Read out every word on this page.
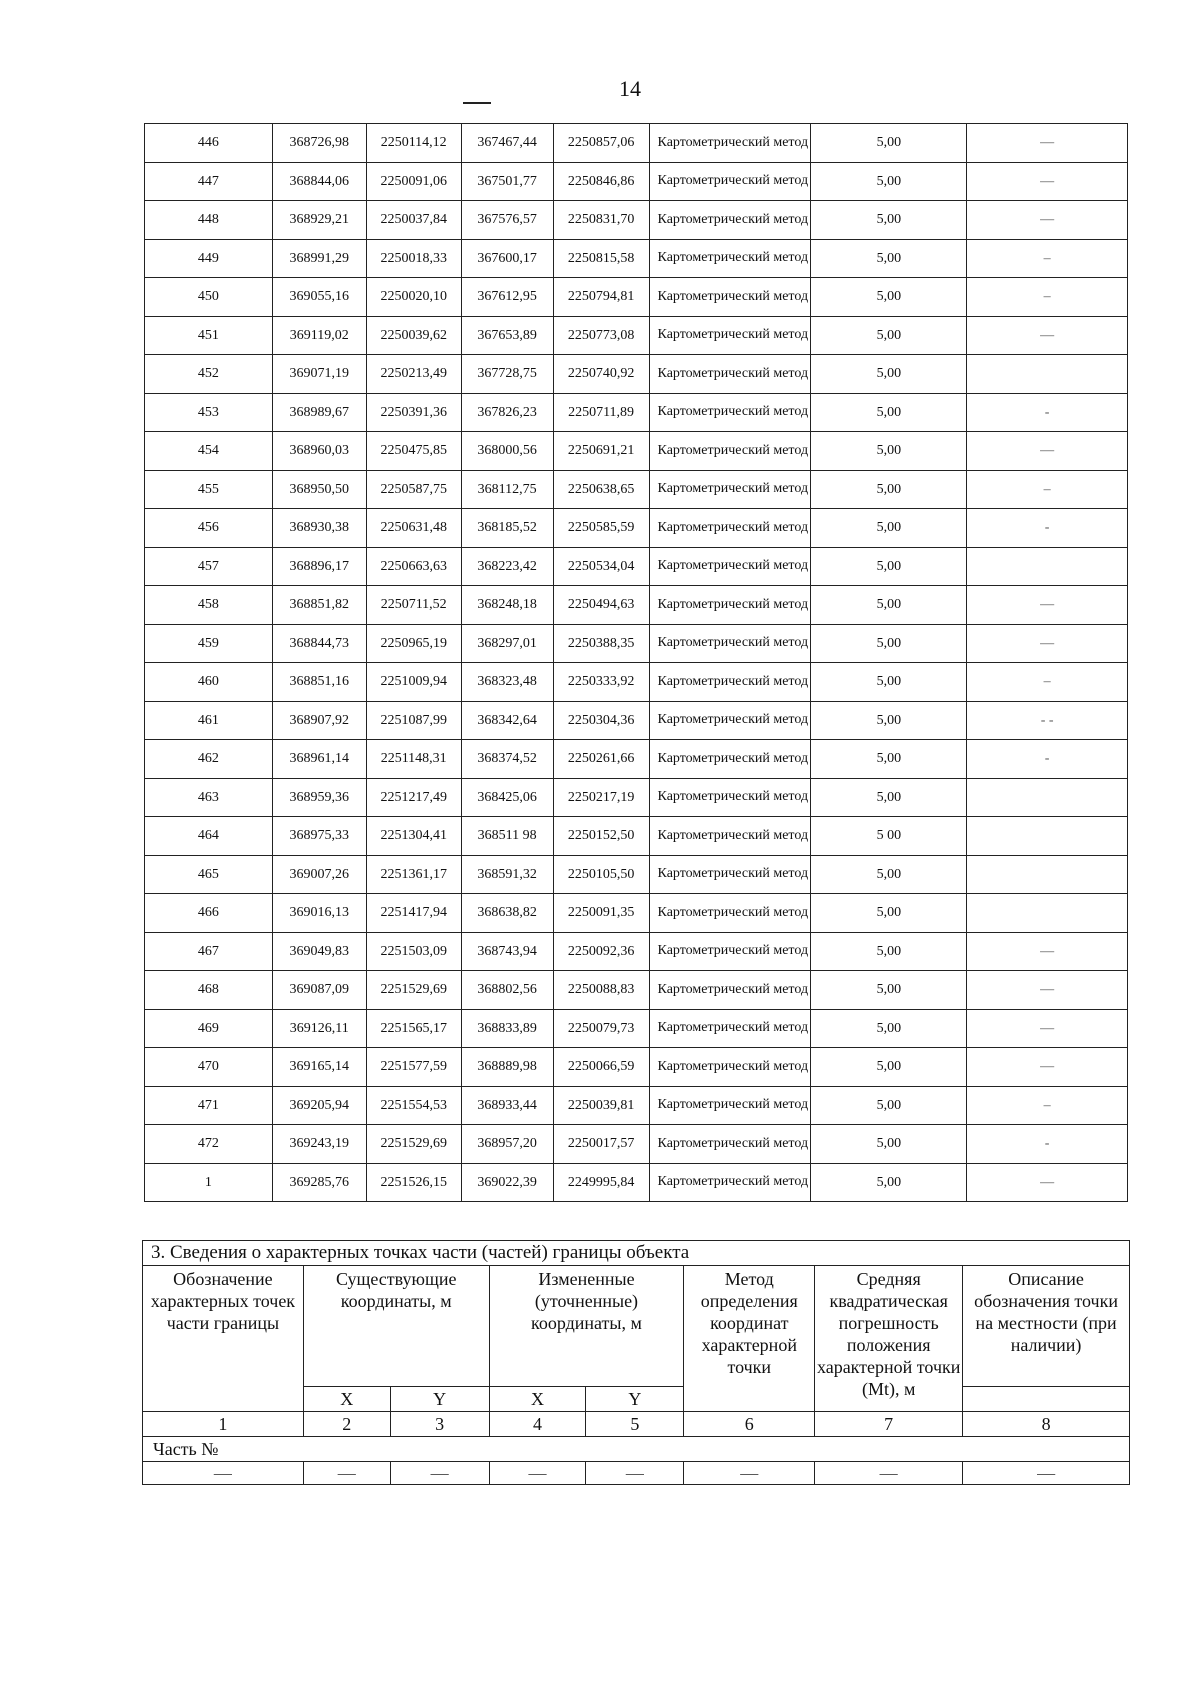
14
446	368726,98	2250114,12	367467,44	2250857,06	Картометрический метод	5,00	—
447	368844,06	2250091,06	367501,77	2250846,86	Картометрический метод	5,00	—
448	368929,21	2250037,84	367576,57	2250831,70	Картометрический метод	5,00	—
449	368991,29	2250018,33	367600,17	2250815,58	Картометрический метод	5,00	–
450	369055,16	2250020,10	367612,95	2250794,81	Картометрический метод	5,00	–
451	369119,02	2250039,62	367653,89	2250773,08	Картометрический метод	5,00	—
452	369071,19	2250213,49	367728,75	2250740,92	Картометрический метод	5,00	
453	368989,67	2250391,36	367826,23	2250711,89	Картометрический метод	5,00	-
454	368960,03	2250475,85	368000,56	2250691,21	Картометрический метод	5,00	—
455	368950,50	2250587,75	368112,75	2250638,65	Картометрический метод	5,00	–
456	368930,38	2250631,48	368185,52	2250585,59	Картометрический метод	5,00	-
457	368896,17	2250663,63	368223,42	2250534,04	Картометрический метод	5,00	
458	368851,82	2250711,52	368248,18	2250494,63	Картометрический метод	5,00	—
459	368844,73	2250965,19	368297,01	2250388,35	Картометрический метод	5,00	—
460	368851,16	2251009,94	368323,48	2250333,92	Картометрический метод	5,00	–
461	368907,92	2251087,99	368342,64	2250304,36	Картометрический метод	5,00	- -
462	368961,14	2251148,31	368374,52	2250261,66	Картометрический метод	5,00	-
463	368959,36	2251217,49	368425,06	2250217,19	Картометрический метод	5,00	
464	368975,33	2251304,41	368511 98	2250152,50	Картометрический метод	5 00	
465	369007,26	2251361,17	368591,32	2250105,50	Картометрический метод	5,00	
466	369016,13	2251417,94	368638,82	2250091,35	Картометрический метод	5,00	
467	369049,83	2251503,09	368743,94	2250092,36	Картометрический метод	5,00	—
468	369087,09	2251529,69	368802,56	2250088,83	Картометрический метод	5,00	—
469	369126,11	2251565,17	368833,89	2250079,73	Картометрический метод	5,00	—
470	369165,14	2251577,59	368889,98	2250066,59	Картометрический метод	5,00	—
471	369205,94	2251554,53	368933,44	2250039,81	Картометрический метод	5,00	–
472	369243,19	2251529,69	368957,20	2250017,57	Картометрический метод	5,00	-
1	369285,76	2251526,15	369022,39	2249995,84	Картометрический метод	5,00	—
3. Сведения о характерных точках части (частей) границы объекта							
Обозначение характерных точек части границы	Существующие координаты, м		Измененные (уточненные) координаты, м		Метод определения координат характерной точки	Средняя квадратическая погрешность положения характерной точки (Mt), м	Описание обозначения точки на местности (при наличии)
	X	Y	X	Y			
1	2	3	4	5	6	7	8
Часть №							
—	—	—	—	—	—	—	—
